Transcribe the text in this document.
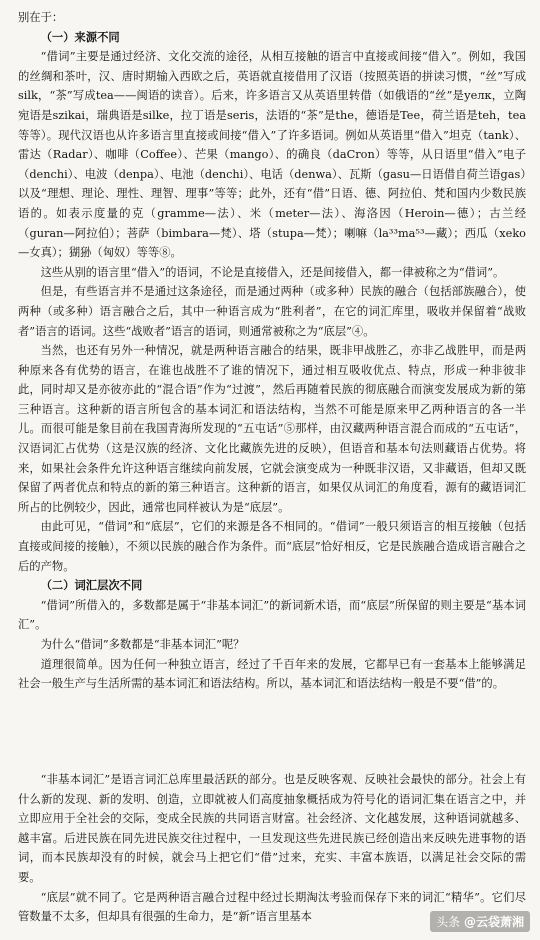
别在于：

（一）来源不同

“借词”主要是通过经济、文化交流的途径，从相互接触的语言中直接或间接“借入”。例如，我国的丝绸和茶叶，汉、唐时期输入西欧之后，英语就直接借用了汉语（按照英语的拼读习惯，“丝”写成silk，“茶”写成tea——闽语的读音）。后来，许多语言又从英语里转借（如俄语的“丝”是уелк，立陶宛语是szikai，瑞典语是silke，拉丁语是seris，法语的“茶”是the，德语是Tee，荷兰语是teh，tea等等）。现代汉语也从许多语言里直接或间接“借入”了许多语词。例如从英语里“借入”坦克（tank）、雷达（Radar）、咖啡（Coffee）、芒果（mango）、的确良（daCron）等等，从日语里“借入”电子（denchi）、电波（denpa）、电池（denchi）、电话（denwa）、瓦斯（gasu—日语借自荷兰语gas）以及“理想、理论、理性、理智、理事”等等；此外，还有“借”日语、德、阿拉伯、梵和国内少数民族语的。如表示度量的克（gramme—法）、米（meter—法）、海洛因（Heroin—德）；古兰经（guran—阿拉伯）；菩萨（bimbara—梵）、塔（stupa—梵）；喇嘛（la³³ma⁵³—藏）；西瓜（xeko—女真）；猢狲（匈奴）等等⑧。

这些从别的语言里“借入”的语词，不论是直接借入，还是间接借入，都一律被称之为“借词”。

但是，有些语言并不是通过这条途径，而是通过两种（或多种）民族的融合（包括部族融合），使两种（或多种）语言融合之后，其中一种语言成为“胜利者”，在它的词汇库里，吸收并保留着“战败者”语言的语词。这些“战败者”语言的语词，则通常被称之为“底层”④。

当然，也还有另外一种情况，就是两种语言融合的结果，既非甲战胜乙，亦非乙战胜甲，而是两种原来各有优势的语言，在谁也战胜不了谁的情况下，通过相互吸收优点、特点，形成一种非彼非此，同时却又是亦彼亦此的“混合语”作为“过渡”，然后再随着民族的彻底融合而演变发展成为新的第三种语言。这种新的语言所包含的基本词汇和语法结构，当然不可能是原来甲乙两种语言的各一半儿。而很可能是象目前在我国青海所发现的“五屯话”⑤那样，由汉藏两种语言混合而成的“五屯话”，汉语词汇占优势（这是汉族的经济、文化比藏族先进的反映），但语音和基本句法则藏语占优势。将来，如果社会条件允许这种语言继续向前发展，它就会演变成为一种既非汉语，又非藏语，但却又既保留了两者优点和特点的新的第三种语言。这种新的语言，如果仅从词汇的角度看，源有的藏语词汇所占的比例较少，因此，通常也同样被认为是“底层”。

由此可见，“借词”和“底层”，它们的来源是各不相同的。“借词”一般只须语言的相互接触（包括直接或间接的接触），不须以民族的融合作为条件。而“底层”恰好相反，它是民族融合造成语言融合之后的产物。

（二）词汇层次不同

“借词”所借入的，多数都是属于“非基本词汇”的新词新术语，而“底层”所保留的则主要是“基本词汇”。

为什么“借词”多数都是“非基本词汇”呢？

道理很简单。因为任何一种独立语言，经过了千百年来的发展，它都早已有一套基本上能够满足社会一般生产与生活所需的基本词汇和语法结构。所以，基本词汇和语法结构一般是不要“借”的。

“非基本词汇”是语言词汇总库里最活跃的部分。也是反映客观、反映社会最快的部分。社会上有什么新的发现、新的发明、创造，立即就被人们高度抽象概括成为符号化的语词汇集在语言之中，并立即应用于全社会的交际，变成全民族的共同语言财富。社会经济、文化越发展，这种语词就越多、越丰富。后进民族在同先进民族交往过程中，一旦发现这些先进民族已经创造出来反映先进事物的语词，而本民族却没有的时候，就会马上把它们“借”过来，充实、丰富本族语，以满足社会交际的需要。

“底层”就不同了。它是两种语言融合过程中经过长期淘汰考验而保存下来的词汇“精华”。它们尽管数量不太多，但却具有很强的生命力，是“新”语言里基本	头条 @云袋萧湘
